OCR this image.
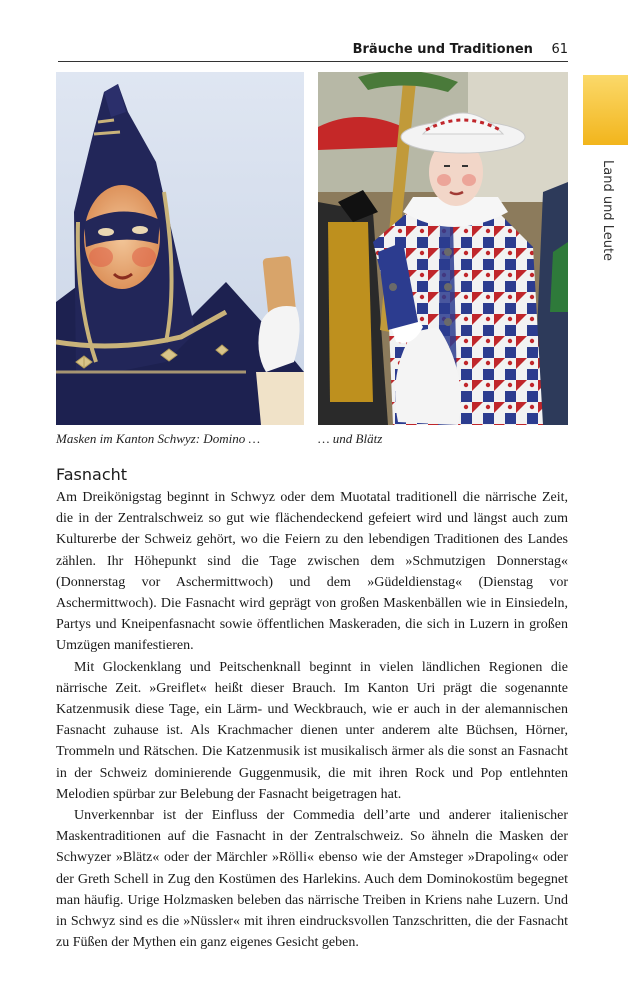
Bräuche und Traditionen 61
Land und Leute
Masken im Kanton Schwyz: Domino …	… und Blätz
Fasnacht

Am Dreikönigstag beginnt in Schwyz oder dem Muotatal traditionell die närrische Zeit, die in der Zentralschweiz so gut wie flächendeckend gefeiert wird und längst auch zum Kulturerbe der Schweiz gehört, wo die Feiern zu den lebendigen Traditionen des Landes zählen. Ihr Höhepunkt sind die Tage zwischen dem »Schmutzigen Donnerstag« (Donnerstag vor Aschermittwoch) und dem »Güdeldienstag« (Dienstag vor Aschermittwoch). Die Fasnacht wird geprägt von großen Maskenbällen wie in Einsiedeln, Partys und Kneipenfasnacht sowie öffentlichen Maskeraden, die sich in Luzern in großen Umzügen manifestieren.

Mit Glockenklang und Peitschenknall beginnt in vielen ländlichen Regionen die närrische Zeit. »Greiflet« heißt dieser Brauch. Im Kanton Uri prägt die sogenannte Katzenmusik diese Tage, ein Lärm- und Weckbrauch, wie er auch in der alemannischen Fasnacht zuhause ist. Als Krachmacher dienen unter anderem alte Büchsen, Hörner, Trommeln und Rätschen. Die Katzenmusik ist musikalisch ärmer als die sonst an Fasnacht in der Schweiz dominierende Guggenmusik, die mit ihren Rock und Pop entlehnten Melodien spürbar zur Belebung der Fasnacht beigetragen hat.

Unverkennbar ist der Einfluss der Commedia dell’arte und anderer italienischer Maskentraditionen auf die Fasnacht in der Zentralschweiz. So ähneln die Masken der Schwyzer »Blätz« oder der Märchler »Rölli« ebenso wie der Amsteger »Drapoling« oder der Greth Schell in Zug den Kostümen des Harlekins. Auch dem Dominokostüm begegnet man häufig. Urige Holzmasken beleben das närrische Treiben in Kriens nahe Luzern. Und in Schwyz sind es die »Nüssler« mit ihren eindrucksvollen Tanzschritten, die der Fasnacht zu Füßen der Mythen ein ganz eigenes Gesicht geben.
